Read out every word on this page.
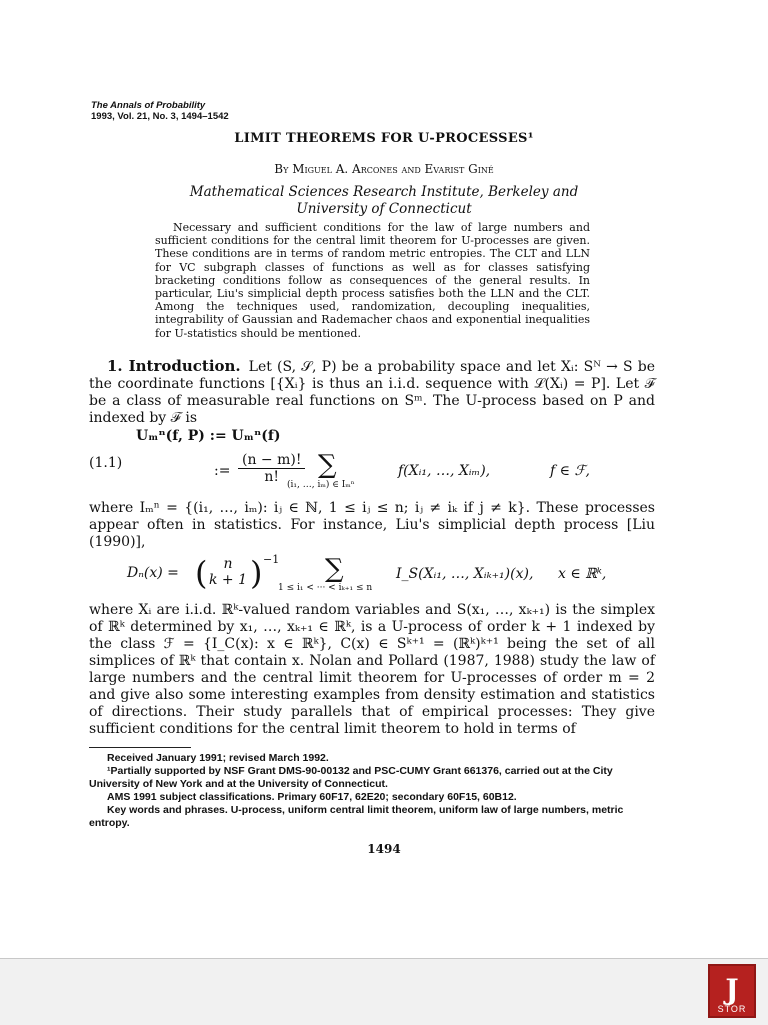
The Annals of Probability
1993, Vol. 21, No. 3, 1494–1542
LIMIT THEOREMS FOR U-PROCESSES¹
By Miguel A. Arcones and Evarist Giné
Mathematical Sciences Research Institute, Berkeley and
University of Connecticut
Necessary and sufficient conditions for the law of large numbers and sufficient conditions for the central limit theorem for U-processes are given. These conditions are in terms of random metric entropies. The CLT and LLN for VC subgraph classes of functions as well as for classes satisfying bracketing conditions follow as consequences of the general results. In particular, Liu's simplicial depth process satisfies both the LLN and the CLT. Among the techniques used, randomization, decoupling inequalities, integrability of Gaussian and Rademacher chaos and exponential inequalities for U-statistics should be mentioned.
1. Introduction. Let (S, 𝒮, P) be a probability space and let Xᵢ: Sᴺ → S be the coordinate functions [{Xᵢ} is thus an i.i.d. sequence with ℒ(Xᵢ) = P]. Let ℱ be a class of measurable real functions on Sᵐ. The U-process based on P and indexed by ℱ is
Uₘⁿ(f, P) := Uₘⁿ(f)
(1.1)	:= $\frac{(n - m)!}{n!}$ ∑
(i₁, …, iₘ) ∈ Iₘⁿ
f(Xᵢ₁, …, Xᵢₘ),	f ∈ ℱ,
where Iₘⁿ = {(i₁, …, iₘ): iⱼ ∈ ℕ, 1 ≤ iⱼ ≤ n; iⱼ ≠ iₖ if j ≠ k}. These processes appear often in statistics. For instance, Liu's simplicial depth process [Liu (1990)],
Dₙ(x) = (	n
k + 1 ) −1 ∑
1 ≤ i₁ < ··· < iₖ₊₁ ≤ n
I_S(Xᵢ₁, …, Xᵢₖ₊₁)(x), x ∈ ℝᵏ,
where Xᵢ are i.i.d. ℝᵏ-valued random variables and S(x₁, …, xₖ₊₁) is the simplex of ℝᵏ determined by x₁, …, xₖ₊₁ ∈ ℝᵏ, is a U-process of order k + 1 indexed by the class ℱ = {I_C(x): x ∈ ℝᵏ}, C(x) ∈ Sᵏ⁺¹ = (ℝᵏ)ᵏ⁺¹ being the set of all simplices of ℝᵏ that contain x. Nolan and Pollard (1987, 1988) study the law of large numbers and the central limit theorem for U-processes of order m = 2 and give also some interesting examples from density estimation and statistics of directions. Their study parallels that of empirical processes: They give sufficient conditions for the central limit theorem to hold in terms of
Received January 1991; revised March 1992.
¹Partially supported by NSF Grant DMS-90-00132 and PSC-CUMY Grant 661376, carried out at the City University of New York and at the University of Connecticut.
AMS 1991 subject classifications. Primary 60F17, 62E20; secondary 60F15, 60B12.
Key words and phrases. U-process, uniform central limit theorem, uniform law of large numbers, metric entropy.
1494
J
STOR
